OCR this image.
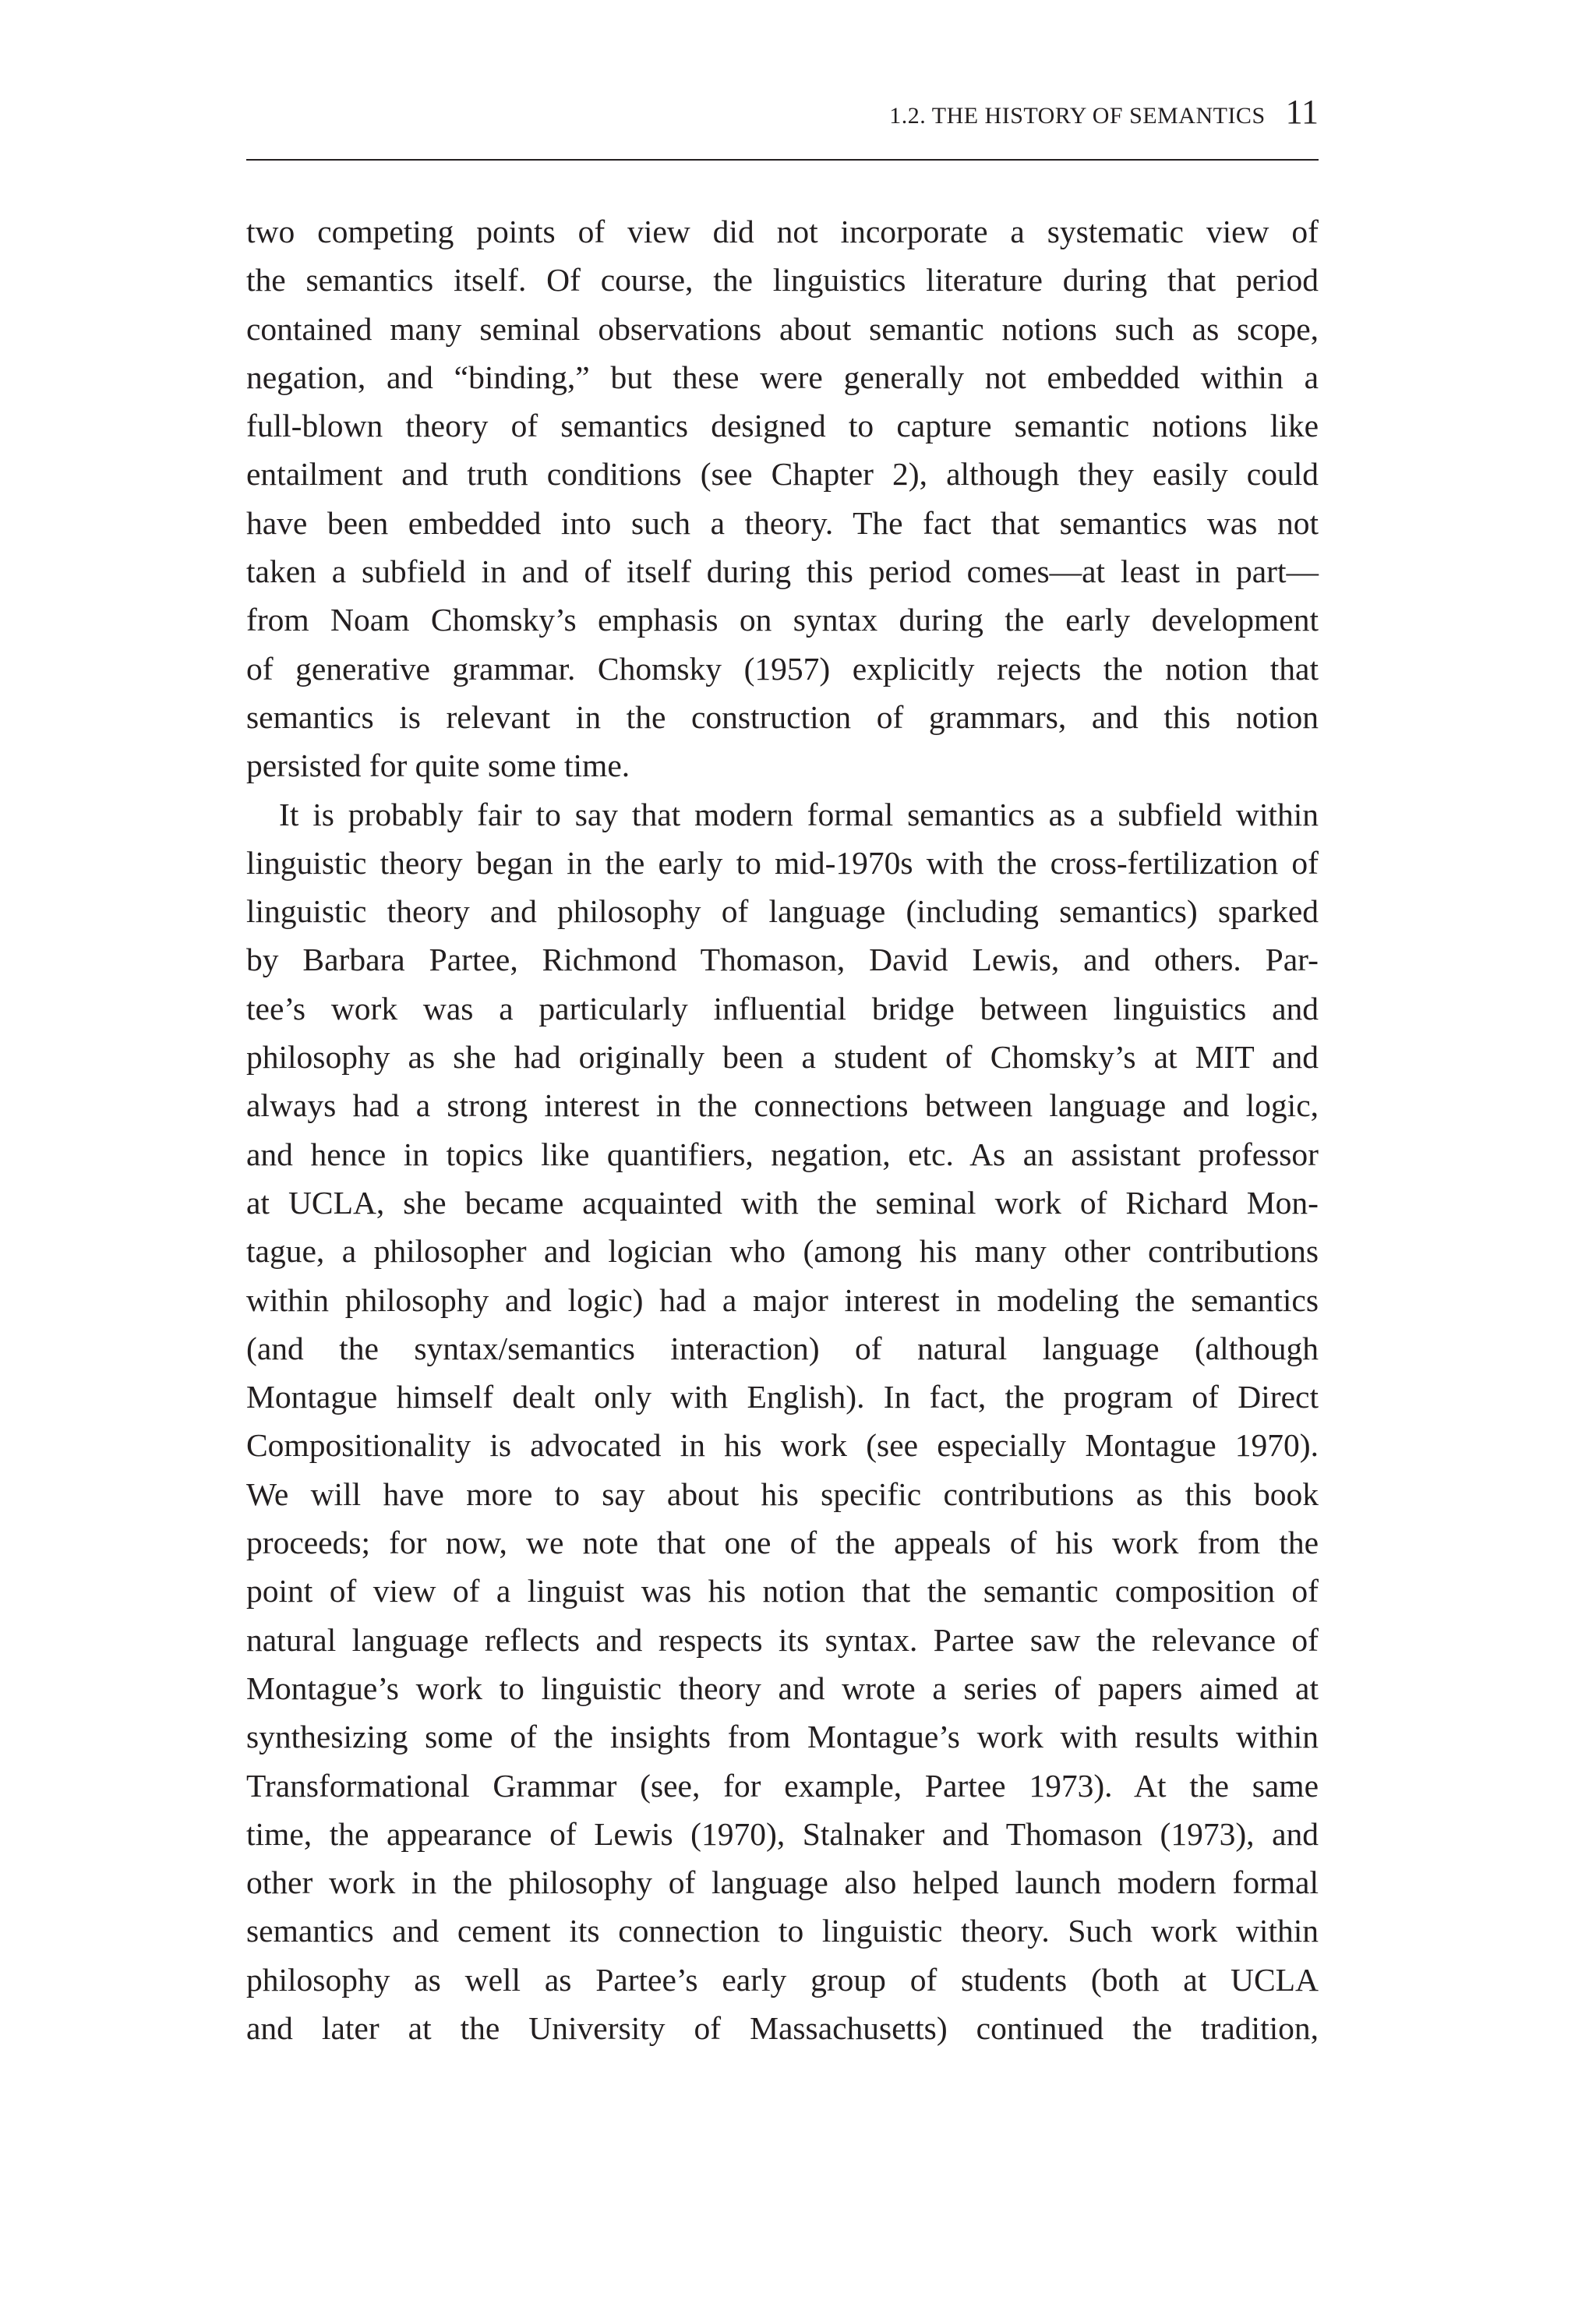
1.2. THE HISTORY OF SEMANTICS 11
two competing points of view did not incorporate a systematic view of
the semantics itself. Of course, the linguistics literature during that period
contained many seminal observations about semantic notions such as scope,
negation, and “binding,” but these were generally not embedded within a
full-blown theory of semantics designed to capture semantic notions like
entailment and truth conditions (see Chapter 2), although they easily could
have been embedded into such a theory. The fact that semantics was not
taken a subfield in and of itself during this period comes—at least in part—
from Noam Chomsky’s emphasis on syntax during the early development
of generative grammar. Chomsky (1957) explicitly rejects the notion that
semantics is relevant in the construction of grammars, and this notion
persisted for quite some time.
It is probably fair to say that modern formal semantics as a subfield within
linguistic theory began in the early to mid-1970s with the cross-fertilization of
linguistic theory and philosophy of language (including semantics) sparked
by Barbara Partee, Richmond Thomason, David Lewis, and others. Par-
tee’s work was a particularly influential bridge between linguistics and
philosophy as she had originally been a student of Chomsky’s at MIT and
always had a strong interest in the connections between language and logic,
and hence in topics like quantifiers, negation, etc. As an assistant professor
at UCLA, she became acquainted with the seminal work of Richard Mon-
tague, a philosopher and logician who (among his many other contributions
within philosophy and logic) had a major interest in modeling the semantics
(and the syntax/semantics interaction) of natural language (although
Montague himself dealt only with English). In fact, the program of Direct
Compositionality is advocated in his work (see especially Montague 1970).
We will have more to say about his specific contributions as this book
proceeds; for now, we note that one of the appeals of his work from the
point of view of a linguist was his notion that the semantic composition of
natural language reflects and respects its syntax. Partee saw the relevance of
Montague’s work to linguistic theory and wrote a series of papers aimed at
synthesizing some of the insights from Montague’s work with results within
Transformational Grammar (see, for example, Partee 1973). At the same
time, the appearance of Lewis (1970), Stalnaker and Thomason (1973), and
other work in the philosophy of language also helped launch modern formal
semantics and cement its connection to linguistic theory. Such work within
philosophy as well as Partee’s early group of students (both at UCLA
and later at the University of Massachusetts) continued the tradition,
